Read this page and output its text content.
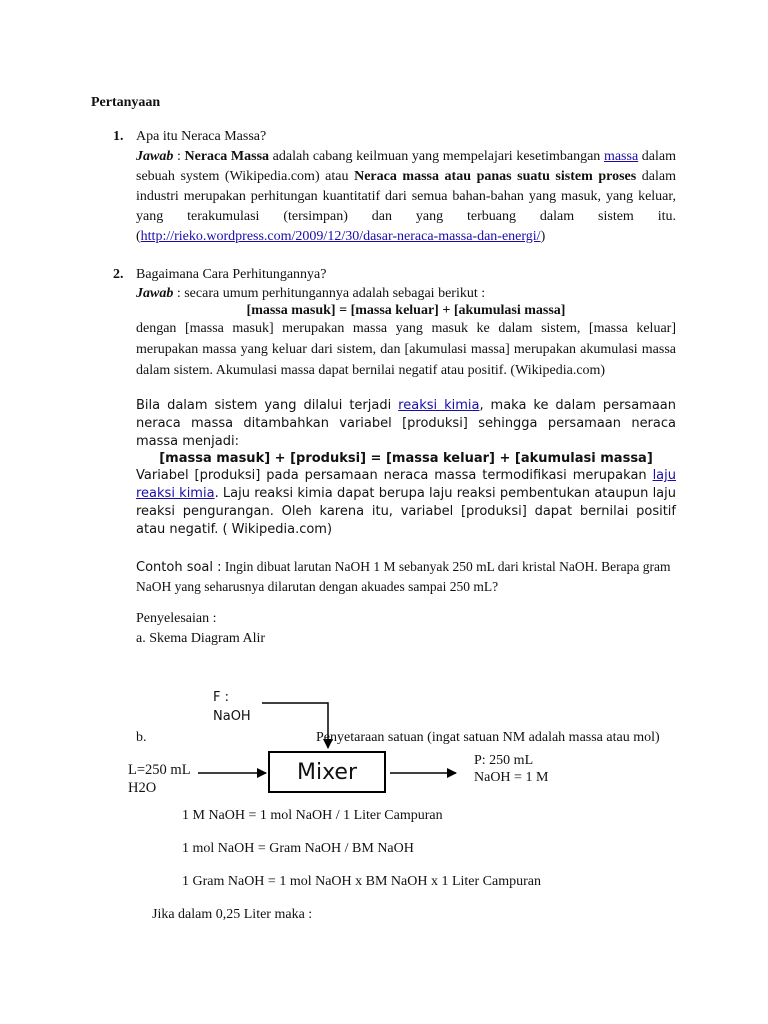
Pertanyaan
1. Apa itu Neraca Massa?
Jawab : Neraca Massa adalah cabang keilmuan yang mempelajari kesetimbangan massa dalam sebuah system (Wikipedia.com) atau Neraca massa atau panas suatu sistem proses dalam industri merupakan perhitungan kuantitatif dari semua bahan-bahan yang masuk, yang keluar, yang terakumulasi (tersimpan) dan yang terbuang dalam sistem itu. (http://rieko.wordpress.com/2009/12/30/dasar-neraca-massa-dan-energi/)
2. Bagaimana Cara Perhitungannya?
Jawab : secara umum perhitungannya adalah sebagai berikut :
[massa masuk] = [massa keluar] + [akumulasi massa]
dengan [massa masuk] merupakan massa yang masuk ke dalam sistem, [massa keluar] merupakan massa yang keluar dari sistem, dan [akumulasi massa] merupakan akumulasi massa dalam sistem. Akumulasi massa dapat bernilai negatif atau positif. (Wikipedia.com)
Bila dalam sistem yang dilalui terjadi reaksi kimia, maka ke dalam persamaan neraca massa ditambahkan variabel [produksi] sehingga persamaan neraca massa menjadi:
[massa masuk] + [produksi] = [massa keluar] + [akumulasi massa]
Variabel [produksi] pada persamaan neraca massa termodifikasi merupakan laju reaksi kimia. Laju reaksi kimia dapat berupa laju reaksi pembentukan ataupun laju reaksi pengurangan. Oleh karena itu, variabel [produksi] dapat bernilai positif atau negatif. ( Wikipedia.com)
Contoh soal : Ingin dibuat larutan NaOH 1 M sebanyak 250 mL dari kristal NaOH. Berapa gram NaOH yang seharusnya dilarutan dengan akuades sampai 250 mL?
Penyelesaian :
a. Skema Diagram Alir
F :
NaOH
Mixer
b.	Penyetaraan satuan (ingat satuan NM adalah massa atau mol)
L=250 mL
H2O
P: 250 mL
NaOH = 1 M
1 M NaOH = 1 mol NaOH / 1 Liter Campuran
1 mol NaOH = Gram NaOH / BM NaOH
1 Gram NaOH = 1 mol NaOH x BM NaOH x 1 Liter Campuran
Jika dalam 0,25 Liter maka :
